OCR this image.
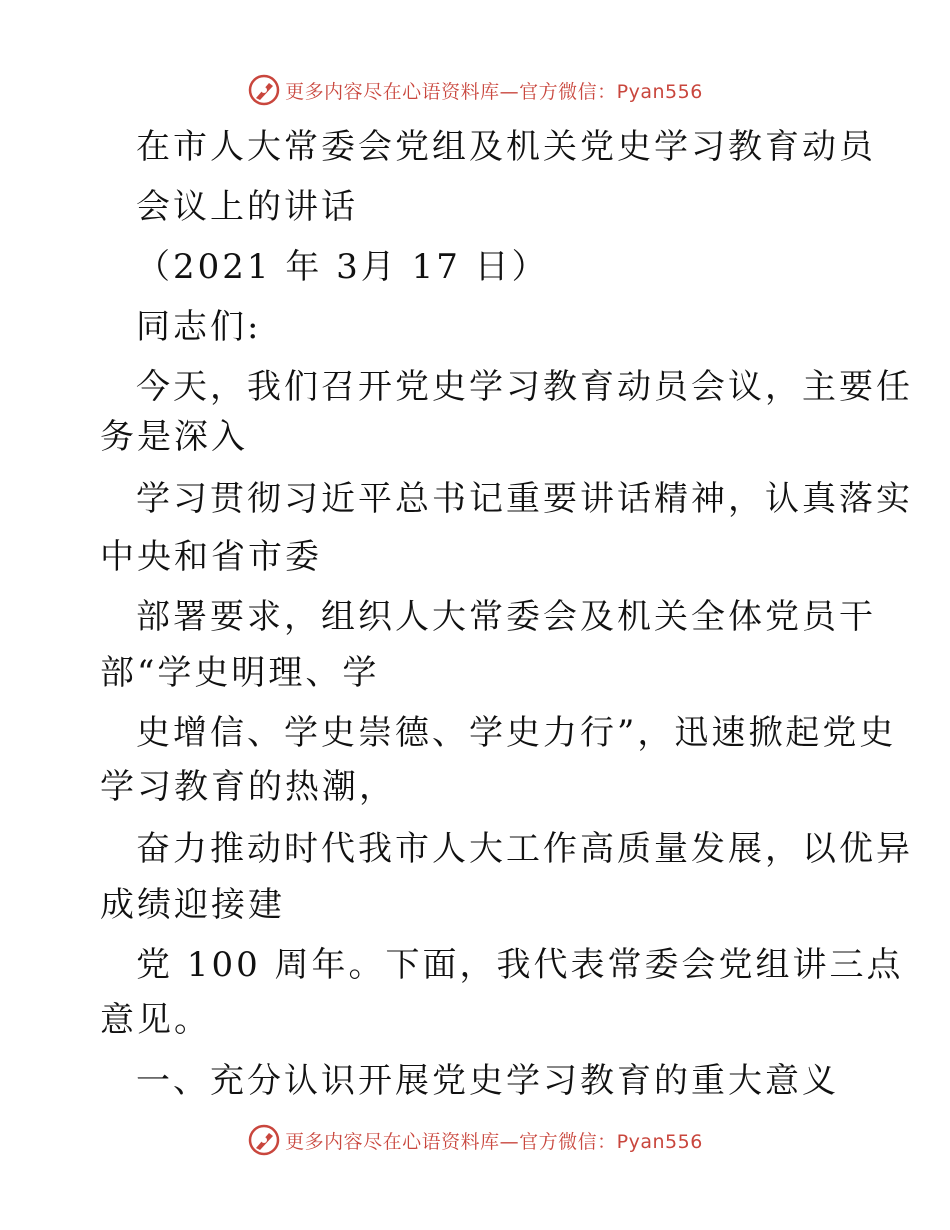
更多内容尽在心语资料库—官方微信：Pyan556
在市人大常委会党组及机关党史学习教育动员
会议上的讲话
（2021 年 3月 17 日）
同志们:
今天，我们召开党史学习教育动员会议，主要任
务是深入
学习贯彻习近平总书记重要讲话精神，认真落实
中央和省市委
部署要求，组织人大常委会及机关全体党员干
部“学史明理、学
史增信、学史崇德、学史力行”，迅速掀起党史
学习教育的热潮，
奋力推动时代我市人大工作高质量发展，以优异
成绩迎接建
党 100 周年。下面，我代表常委会党组讲三点
意见。
一、充分认识开展党史学习教育的重大意义
更多内容尽在心语资料库—官方微信：Pyan556
